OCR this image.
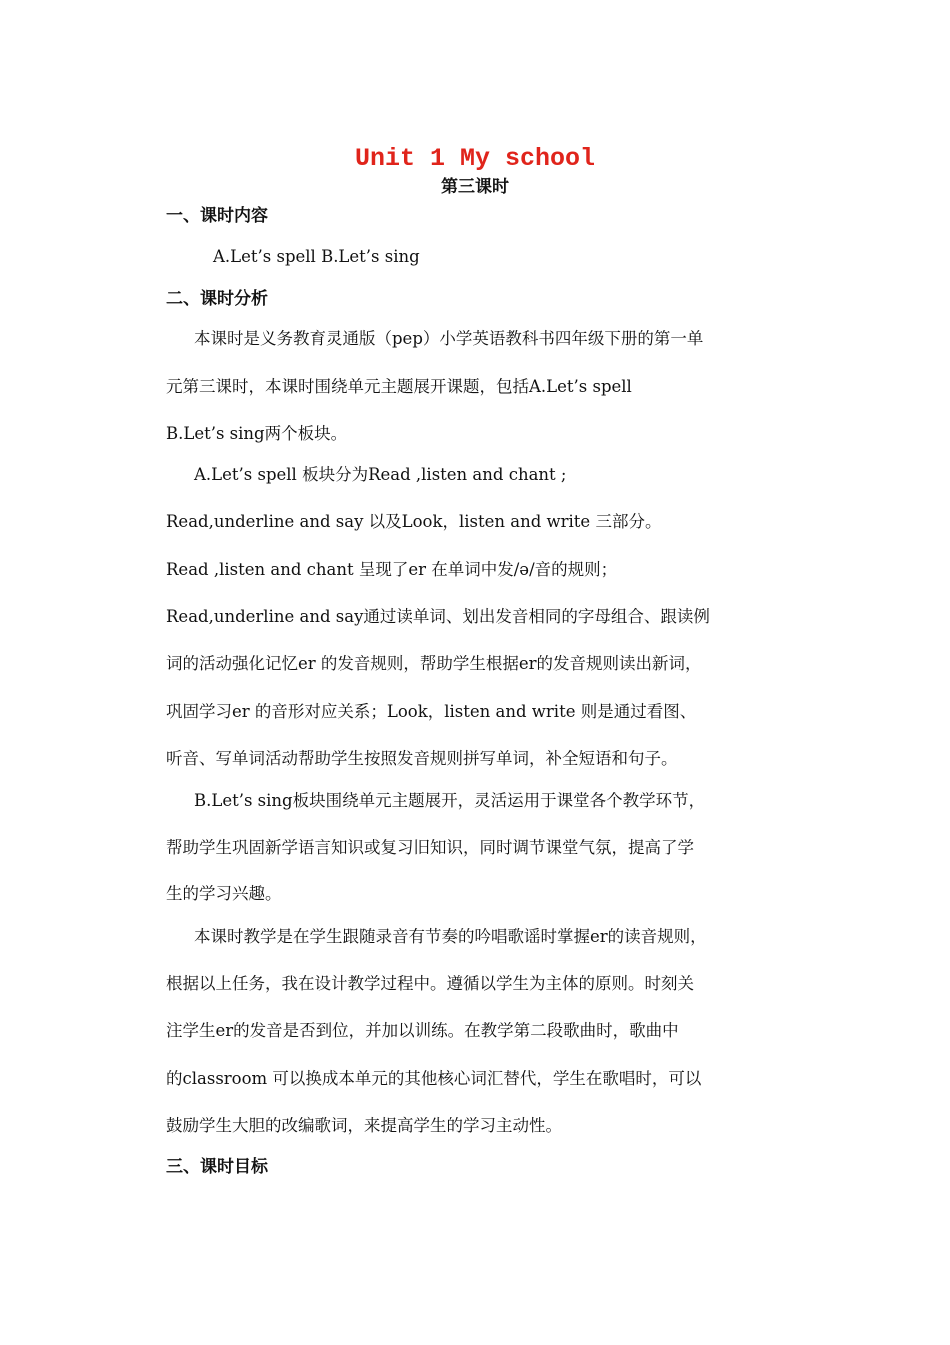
Unit 1 My school
第三课时
一、课时内容

A.Let’s spell B.Let’s sing

二、课时分析

本课时是义务教育灵通版（pep）小学英语教科书四年级下册的第一单

元第三课时，本课时围绕单元主题展开课题，包括A.Let’s spell

B.Let’s sing两个板块。

A.Let’s spell 板块分为Read ,listen and chant ;

Read,underline and say 以及Look，listen and write 三部分。

Read ,listen and chant 呈现了er 在单词中发/ə/音的规则；

Read,underline and say通过读单词、划出发音相同的字母组合、跟读例

词的活动强化记忆er 的发音规则，帮助学生根据er的发音规则读出新词，

巩固学习er 的音形对应关系；Look，listen and write 则是通过看图、

听音、写单词活动帮助学生按照发音规则拼写单词，补全短语和句子。

B.Let’s sing板块围绕单元主题展开，灵活运用于课堂各个教学环节，

帮助学生巩固新学语言知识或复习旧知识，同时调节课堂气氛，提高了学

生的学习兴趣。

本课时教学是在学生跟随录音有节奏的吟唱歌谣时掌握er的读音规则，

根据以上任务，我在设计教学过程中。遵循以学生为主体的原则。时刻关

注学生er的发音是否到位，并加以训练。在教学第二段歌曲时，歌曲中

的classroom 可以换成本单元的其他核心词汇替代，学生在歌唱时，可以

鼓励学生大胆的改编歌词，来提高学生的学习主动性。

三、课时目标
